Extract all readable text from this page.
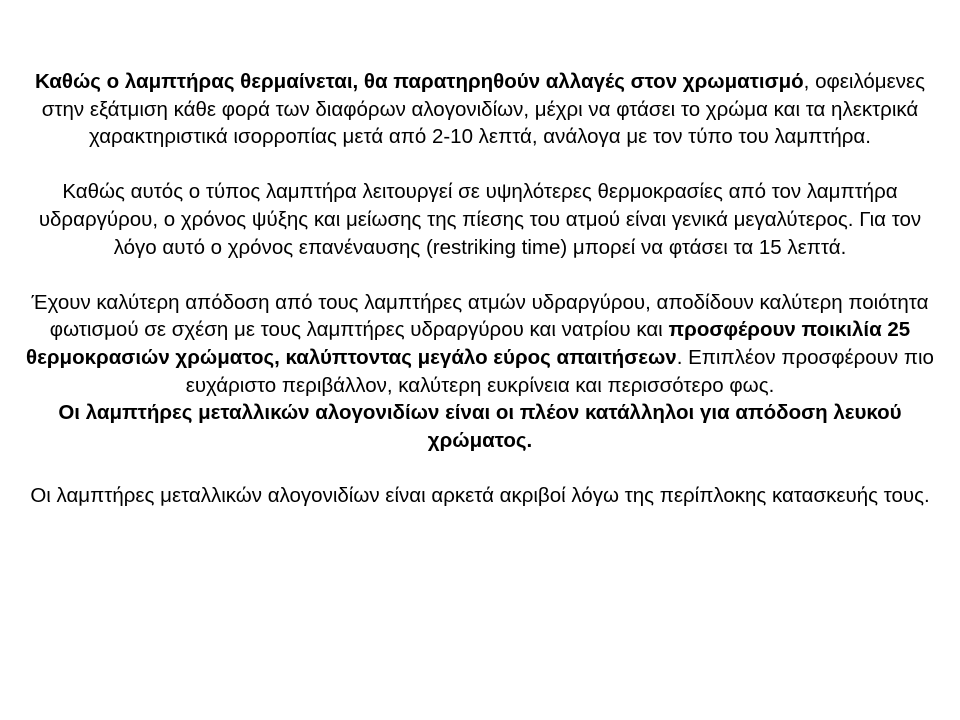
Καθώς ο λαμπτήρας θερμαίνεται, θα παρατηρηθούν αλλαγές στον χρωματισμό, οφειλόμενες στην εξάτμιση κάθε φορά των διαφόρων αλογονιδίων, μέχρι να φτάσει το χρώμα και τα ηλεκτρικά χαρακτηριστικά ισορροπίας μετά από 2-10 λεπτά, ανάλογα με τον τύπο του λαμπτήρα.

Καθώς αυτός ο τύπος λαμπτήρα λειτουργεί σε υψηλότερες θερμοκρασίες από τον λαμπτήρα υδραργύρου, ο χρόνος ψύξης και μείωσης της πίεσης του ατμού είναι γενικά μεγαλύτερος. Για τον λόγο αυτό ο χρόνος επανέναυσης (restriking time) μπορεί να φτάσει τα 15 λεπτά.

Έχουν καλύτερη απόδοση από τους λαμπτήρες ατμών υδραργύρου, αποδίδουν καλύτερη ποιότητα φωτισμού σε σχέση με τους λαμπτήρες υδραργύρου και νατρίου και προσφέρουν ποικιλία 25 θερμοκρασιών χρώματος, καλύπτοντας μεγάλο εύρος απαιτήσεων. Επιπλέον προσφέρουν πιο ευχάριστο περιβάλλον, καλύτερη ευκρίνεια και περισσότερο φως.

Οι λαμπτήρες μεταλλικών αλογονιδίων είναι οι πλέον κατάλληλοι για απόδοση λευκού χρώματος.

Οι λαμπτήρες μεταλλικών αλογονιδίων είναι αρκετά ακριβοί λόγω της περίπλοκης κατασκευής τους.
